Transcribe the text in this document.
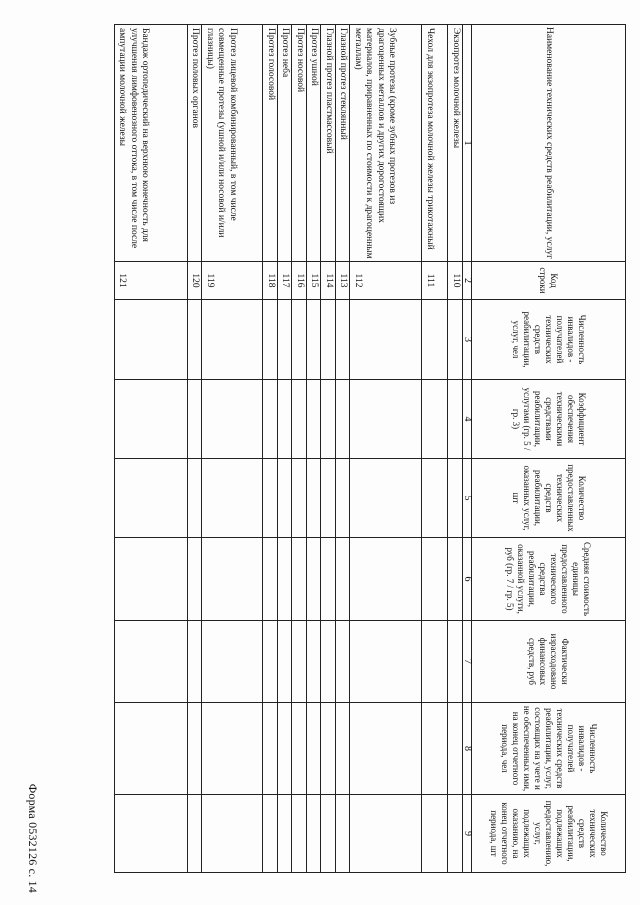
Форма 0532126 с. 14
Наименование технических средств реабилитации, услуг	Код строки	Численность инвалидов - получателей технических средств реабилитации, услуг, чел	Коэффициент обеспечения техническими средствами реабилитации, услугами (гр. 5 / гр. 3)	Количество предоставленных технических средств реабилитации, оказанных услуг, шт	Средняя стоимость единицы предоставленного технического средства реабилитации, оказанной услуги, руб (гр. 7 / гр. 5)	Фактически израсходовано финансовых средств, руб	Численность инвалидов - получателей технических средств реабилитации, услуг, состоящих на учете и не обеспеченных ими, на конец отчетного периода, чел	Количество технических средств реабилитации, подлежащих предоставлению, услуг, подлежащих оказанию, на конец отчетного периода, шт
1	2	3	4	5	6	7	8	9
Экзопротез молочной железы	110							
Чехол для экзопротеза молочной железы трикотажный	111							
Зубные протезы (кроме зубных протезов из драгоценных металлов и других дорогостоящих материалов, приравненных по стоимости к драгоценным металлам)	112							
Глазной протез стеклянный	113							
Глазной протез пластмассовый	114							
Протез ушной	115							
Протез носовой	116							
Протез неба	117							
Протез голосовой	118							
Протез лицевой комбинированный, в том числе совмещенные протезы (ушной и/или носовой и/или глазницы)	119							
Протез половых органов	120							
Бандаж ортопедический на верхнюю конечность для улучшения лимфовенозного оттока, в том числе после ампутации молочной железы	121							
